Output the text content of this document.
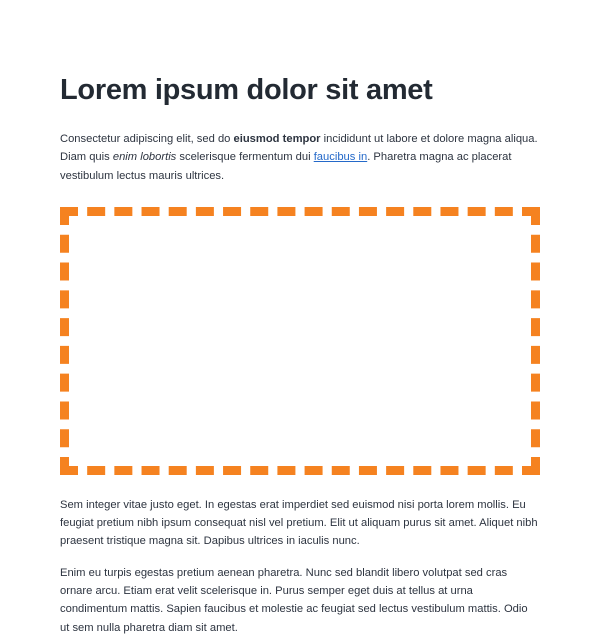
Lorem ipsum dolor sit amet

Consectetur adipiscing elit, sed do eiusmod tempor incididunt ut labore et dolore magna aliqua. Diam quis enim lobortis scelerisque fermentum dui faucibus in. Pharetra magna ac placerat vestibulum lectus mauris ultrices.

Sem integer vitae justo eget. In egestas erat imperdiet sed euismod nisi porta lorem mollis. Eu feugiat pretium nibh ipsum consequat nisl vel pretium. Elit ut aliquam purus sit amet. Aliquet nibh praesent tristique magna sit. Dapibus ultrices in iaculis nunc.

Enim eu turpis egestas pretium aenean pharetra. Nunc sed blandit libero volutpat sed cras ornare arcu. Etiam erat velit scelerisque in. Purus semper eget duis at tellus at urna condimentum mattis. Sapien faucibus et molestie ac feugiat sed lectus vestibulum mattis. Odio ut sem nulla pharetra diam sit amet.
